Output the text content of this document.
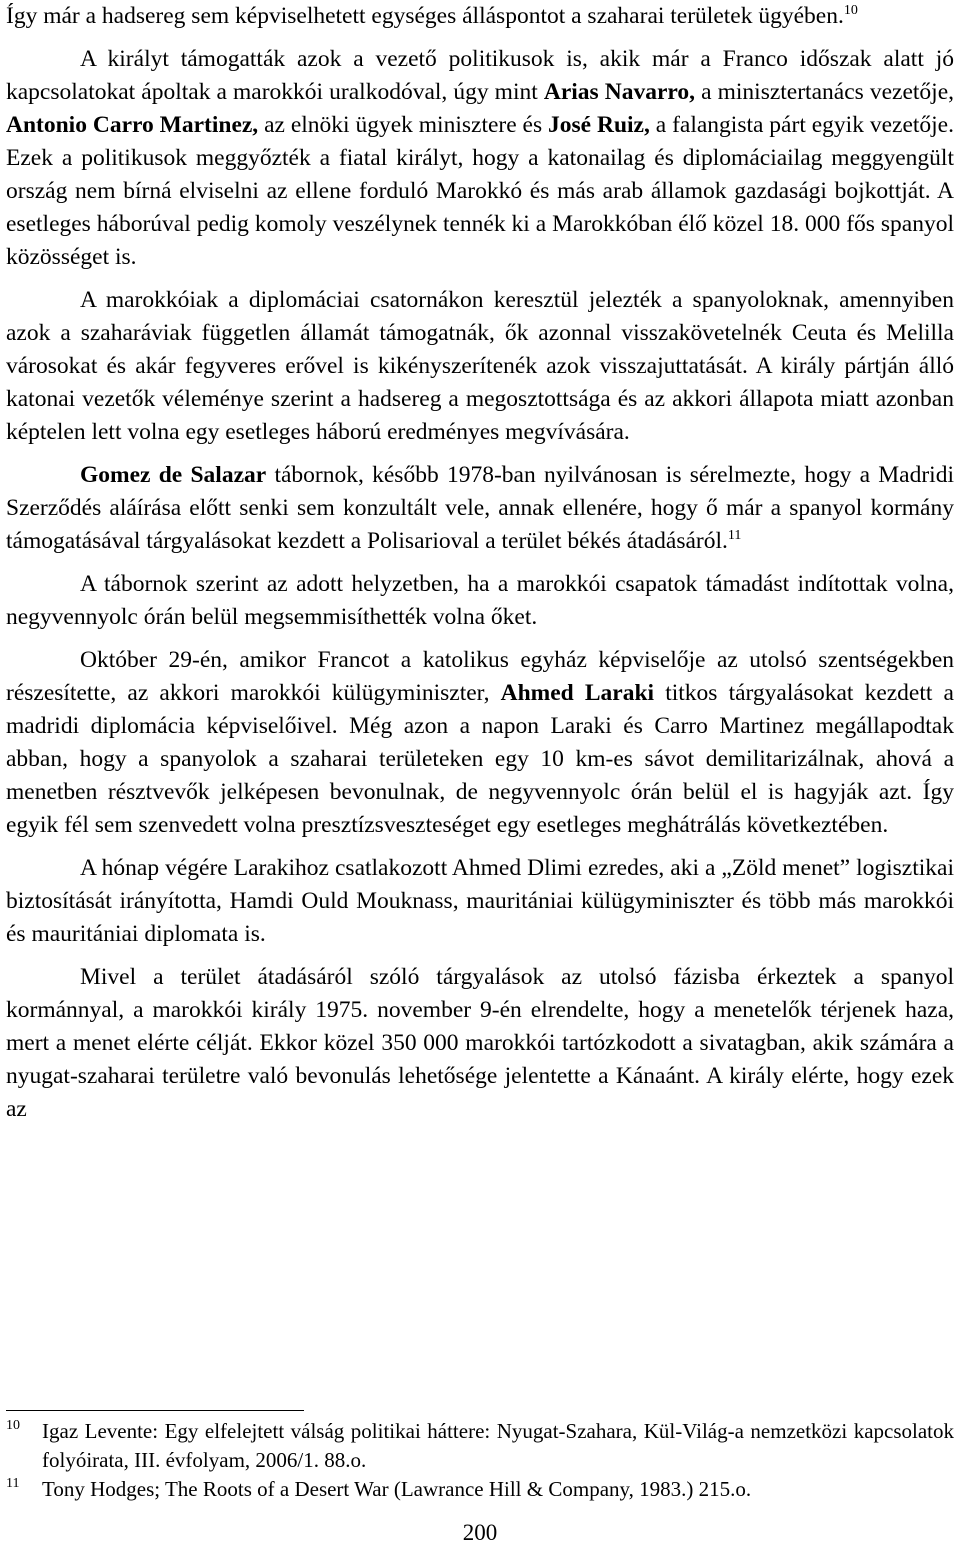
Így már a hadsereg sem képviselhetett egységes álláspontot a szaharai területek ügyében.$^{10}$

A királyt támogatták azok a vezető politikusok is, akik már a Franco időszak alatt jó kapcsolatokat ápoltak a marokkói uralkodóval, úgy mint Arias Navarro, a minisztertanács vezetője, Antonio Carro Martinez, az elnöki ügyek minisztere és José Ruiz, a falangista párt egyik vezetője. Ezek a politikusok meggyőzték a fiatal királyt, hogy a katonailag és diplomáciailag meggyengült ország nem bírná elviselni az ellene forduló Marokkó és más arab államok gazdasági bojkottját. A esetleges háborúval pedig komoly veszélynek tennék ki a Marokkóban élő közel 18. 000 fős spanyol közösséget is.

A marokkóiak a diplomáciai csatornákon keresztül jelezték a spanyoloknak, amennyiben azok a szaharáviak független államát támogatnák, ők azonnal visszakövetelnék Ceuta és Melilla városokat és akár fegyveres erővel is kikényszerítenék azok visszajuttatását. A király pártján álló katonai vezetők véleménye szerint a hadsereg a megosztottsága és az akkori állapota miatt azonban képtelen lett volna egy esetleges háború eredményes megvívására.

Gomez de Salazar tábornok, később 1978-ban nyilvánosan is sérelmezte, hogy a Madridi Szerződés aláírása előtt senki sem konzultált vele, annak ellenére, hogy ő már a spanyol kormány támogatásával tárgyalásokat kezdett a Polisarioval a terület békés átadásáról.$^{11}$

A tábornok szerint az adott helyzetben, ha a marokkói csapatok támadást indítottak volna, negyvennyolc órán belül megsemmisíthették volna őket.

Október 29-én, amikor Francot a katolikus egyház képviselője az utolsó szentségekben részesítette, az akkori marokkói külügyminiszter, Ahmed Laraki titkos tárgyalásokat kezdett a madridi diplomácia képviselőivel. Még azon a napon Laraki és Carro Martinez megállapodtak abban, hogy a spanyolok a szaharai területeken egy 10 km-es sávot demilitarizálnak, ahová a menetben résztvevők jelképesen bevonulnak, de negyvennyolc órán belül el is hagyják azt. Így egyik fél sem szenvedett volna presztízsveszteséget egy esetleges meghátrálás következtében.

A hónap végére Larakihoz csatlakozott Ahmed Dlimi ezredes, aki a „Zöld menet” logisztikai biztosítását irányította, Hamdi Ould Mouknass, mauritániai külügyminiszter és több más marokkói és mauritániai diplomata is.

Mivel a terület átadásáról szóló tárgyalások az utolsó fázisba érkeztek a spanyol kormánnyal, a marokkói király 1975. november 9-én elrendelte, hogy a menetelők térjenek haza, mert a menet elérte célját. Ekkor közel 350 000 marokkói tartózkodott a sivatagban, akik számára a nyugat-szaharai területre való bevonulás lehetősége jelentette a Kánaánt. A király elérte, hogy ezek az

10	Igaz Levente: Egy elfelejtett válság politikai háttere: Nyugat-Szahara, Kül-Világ-a nemzetközi kapcsolatok folyóirata, III. évfolyam, 2006/1. 88.o.
11	Tony Hodges; The Roots of a Desert War (Lawrance Hill & Company, 1983.) 215.o.
200
